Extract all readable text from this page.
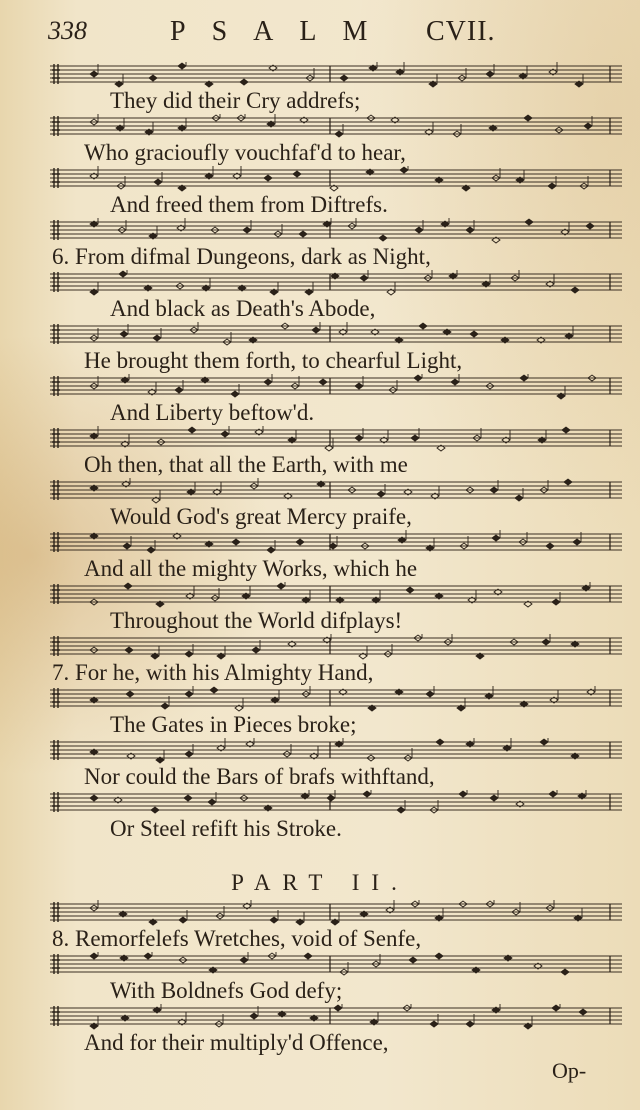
338	PSALM CVII.
They did their Cry addrefs;
Who gracioufly vouchfaf'd to hear,
And freed them from Diftrefs.
6. From difmal Dungeons, dark as Night,
And black as Death's Abode,
He brought them forth, to chearful Light,
And Liberty beftow'd.
Oh then, that all the Earth, with me
Would God's great Mercy praife,
And all the mighty Works, which he
Throughout the World difplays!
7. For he, with his Almighty Hand,
The Gates in Pieces broke;
Nor could the Bars of brafs withftand,
Or Steel refift his Stroke.
8. Remorfelefs Wretches, void of Senfe,
With Boldnefs God defy;
And for their multiply'd Offence,
PART II.
Op-
